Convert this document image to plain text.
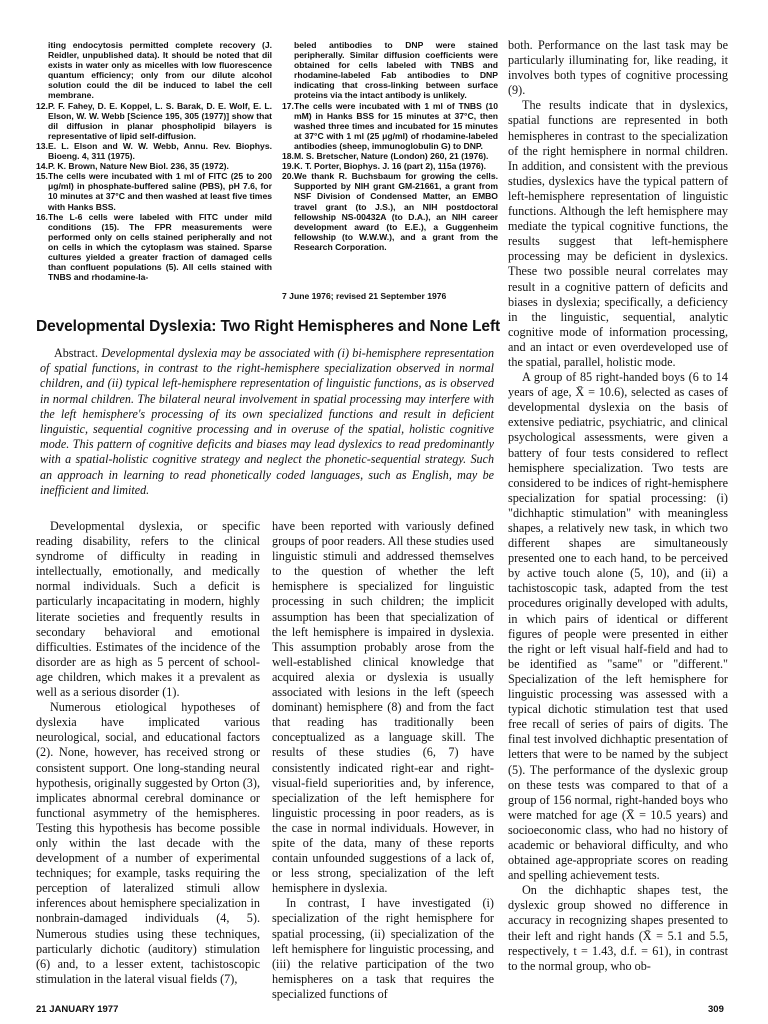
iting endocytosis permitted complete recovery (J. Reidler, unpublished data). It should be noted that dil exists in water only as micelles with low fluorescence quantum efficiency; only from our dilute alcohol solution could the dil be induced to label the cell membrane.

12.P. F. Fahey, D. E. Koppel, L. S. Barak, D. E. Wolf, E. L. Elson, W. W. Webb [Science 195, 305 (1977)] show that dil diffusion in planar phospholipid bilayers is representative of lipid self-diffusion.

13.E. L. Elson and W. W. Webb, Annu. Rev. Biophys. Bioeng. 4, 311 (1975).

14.P. K. Brown, Nature New Biol. 236, 35 (1972).

15.The cells were incubated with 1 ml of FITC (25 to 200 μg/ml) in phosphate-buffered saline (PBS), pH 7.6, for 10 minutes at 37°C and then washed at least five times with Hanks BSS.

16.The L-6 cells were labeled with FITC under mild conditions (15). The FPR measurements were performed only on cells stained peripherally and not on cells in which the cytoplasm was stained. Sparse cultures yielded a greater fraction of damaged cells than confluent populations (5). All cells stained with TNBS and rhodamine-la-

beled antibodies to DNP were stained peripherally. Similar diffusion coefficients were obtained for cells labeled with TNBS and rhodamine-labeled Fab antibodies to DNP indicating that cross-linking between surface proteins via the intact antibody is unlikely.

17.The cells were incubated with 1 ml of TNBS (10 mM) in Hanks BSS for 15 minutes at 37°C, then washed three times and incubated for 15 minutes at 37°C with 1 ml (25 μg/ml) of rhodamine-labeled antibodies (sheep, immunoglobulin G) to DNP.

18.M. S. Bretscher, Nature (London) 260, 21 (1976).

19.K. T. Porter, Biophys. J. 16 (part 2), 115a (1976).

20.We thank R. Buchsbaum for growing the cells. Supported by NIH grant GM-21661, a grant from NSF Division of Condensed Matter, an EMBO travel grant (to J.S.), an NIH postdoctoral fellowship NS-00432A (to D.A.), an NIH career development award (to E.E.), a Guggenheim fellowship (to W.W.W.), and a grant from the Research Corporation.

7 June 1976; revised 21 September 1976
Developmental Dyslexia: Two Right Hemispheres and None Left
Abstract. Developmental dyslexia may be associated with (i) bi-hemisphere representation of spatial functions, in contrast to the right-hemisphere specialization observed in normal children, and (ii) typical left-hemisphere representation of linguistic functions, as is observed in normal children. The bilateral neural involvement in spatial processing may interfere with the left hemisphere's processing of its own specialized functions and result in deficient linguistic, sequential cognitive processing and in overuse of the spatial, holistic cognitive mode. This pattern of cognitive deficits and biases may lead dyslexics to read predominantly with a spatial-holistic cognitive strategy and neglect the phonetic-sequential strategy. Such an approach in learning to read phonetically coded languages, such as English, may be inefficient and limited.

Developmental dyslexia, or specific reading disability, refers to the clinical syndrome of difficulty in reading in intellectually, emotionally, and medically normal individuals. Such a deficit is particularly incapacitating in modern, highly literate societies and frequently results in secondary behavioral and emotional difficulties. Estimates of the incidence of the disorder are as high as 5 percent of school-age children, which makes it a prevalent as well as a serious disorder (1).

Numerous etiological hypotheses of dyslexia have implicated various neurological, social, and educational factors (2). None, however, has received strong or consistent support. One long-standing neural hypothesis, originally suggested by Orton (3), implicates abnormal cerebral dominance or functional asymmetry of the hemispheres. Testing this hypothesis has become possible only within the last decade with the development of a number of experimental techniques; for example, tasks requiring the perception of lateralized stimuli allow inferences about hemisphere specialization in nonbrain-damaged individuals (4, 5). Numerous studies using these techniques, particularly dichotic (auditory) stimulation (6) and, to a lesser extent, tachistoscopic stimulation in the lateral visual fields (7),

have been reported with variously defined groups of poor readers. All these studies used linguistic stimuli and addressed themselves to the question of whether the left hemisphere is specialized for linguistic processing in such children; the implicit assumption has been that specialization of the left hemisphere is impaired in dyslexia. This assumption probably arose from the well-established clinical knowledge that acquired alexia or dyslexia is usually associated with lesions in the left (speech dominant) hemisphere (8) and from the fact that reading has traditionally been conceptualized as a language skill. The results of these studies (6, 7) have consistently indicated right-ear and right-visual-field superiorities and, by inference, specialization of the left hemisphere for linguistic processing in poor readers, as is the case in normal individuals. However, in spite of the data, many of these reports contain unfounded suggestions of a lack of, or less strong, specialization of the left hemisphere in dyslexia.

In contrast, I have investigated (i) specialization of the right hemisphere for spatial processing, (ii) specialization of the left hemisphere for linguistic processing, and (iii) the relative participation of the two hemispheres on a task that requires the specialized functions of

both. Performance on the last task may be particularly illuminating for, like reading, it involves both types of cognitive processing (9).

The results indicate that in dyslexics, spatial functions are represented in both hemispheres in contrast to the specialization of the right hemisphere in normal children. In addition, and consistent with the previous studies, dyslexics have the typical pattern of left-hemisphere representation of linguistic functions. Although the left hemisphere may mediate the typical cognitive functions, the results suggest that left-hemisphere processing may be deficient in dyslexics. These two possible neural correlates may result in a cognitive pattern of deficits and biases in dyslexia; specifically, a deficiency in the linguistic, sequential, analytic cognitive mode of information processing, and an intact or even overdeveloped use of the spatial, parallel, holistic mode.

A group of 85 right-handed boys (6 to 14 years of age, X̄ = 10.6), selected as cases of developmental dyslexia on the basis of extensive pediatric, psychiatric, and clinical psychological assessments, were given a battery of four tests considered to reflect hemisphere specialization. Two tests are considered to be indices of right-hemisphere specialization for spatial processing: (i) "dichhaptic stimulation" with meaningless shapes, a relatively new task, in which two different shapes are simultaneously presented one to each hand, to be perceived by active touch alone (5, 10), and (ii) a tachistoscopic task, adapted from the test procedures originally developed with adults, in which pairs of identical or different figures of people were presented in either the right or left visual half-field and had to be identified as "same" or "different." Specialization of the left hemisphere for linguistic processing was assessed with a typical dichotic stimulation test that used free recall of series of pairs of digits. The final test involved dichhaptic presentation of letters that were to be named by the subject (5). The performance of the dyslexic group on these tests was compared to that of a group of 156 normal, right-handed boys who were matched for age (X̄ = 10.5 years) and socioeconomic class, who had no history of academic or behavioral difficulty, and who obtained age-appropriate scores on reading and spelling achievement tests.

On the dichhaptic shapes test, the dyslexic group showed no difference in accuracy in recognizing shapes presented to their left and right hands (X̄ = 5.1 and 5.5, respectively, t = 1.43, d.f. = 61), in contrast to the normal group, who ob-

21 JANUARY 1977	309
